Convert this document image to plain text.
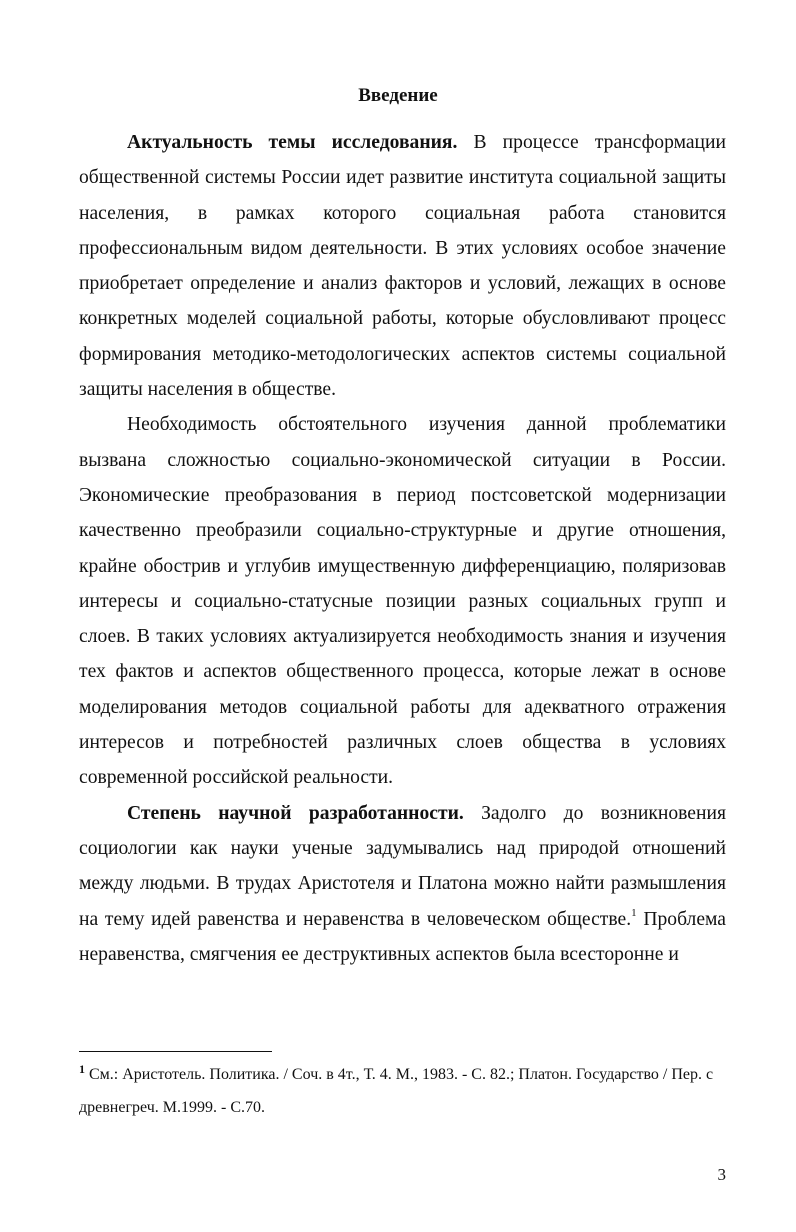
Введение

Актуальность темы исследования. В процессе трансформации общественной системы России идет развитие института социальной защиты населения, в рамках которого социальная работа становится профессиональным видом деятельности. В этих условиях особое значение приобретает определение и анализ факторов и условий, лежащих в основе конкретных моделей социальной работы, которые обусловливают процесс формирования методико-методологических аспектов системы социальной защиты населения в обществе.

Необходимость обстоятельного изучения данной проблематики вызвана сложностью социально-экономической ситуации в России. Экономические преобразования в период постсоветской модернизации качественно преобразили социально-структурные и другие отношения, крайне обострив и углубив имущественную дифференциацию, поляризовав интересы и социально-статусные позиции разных социальных групп и слоев. В таких условиях актуализируется необходимость знания и изучения тех фактов и аспектов общественного процесса, которые лежат в основе моделирования методов социальной работы для адекватного отражения интересов и потребностей различных слоев общества в условиях современной российской реальности.

Степень научной разработанности. Задолго до возникновения социологии как науки ученые задумывались над природой отношений между людьми. В трудах Аристотеля и Платона можно найти размышления на тему идей равенства и неравенства в человеческом обществе.$^1$ Проблема неравенства, смягчения ее деструктивных аспектов была всесторонне и

$^1$ См.: Аристотель. Политика. / Соч. в 4т., Т. 4. М., 1983. - С. 82.; Платон. Государство / Пер. с древнегреч. М.1999. - С.70.

3
